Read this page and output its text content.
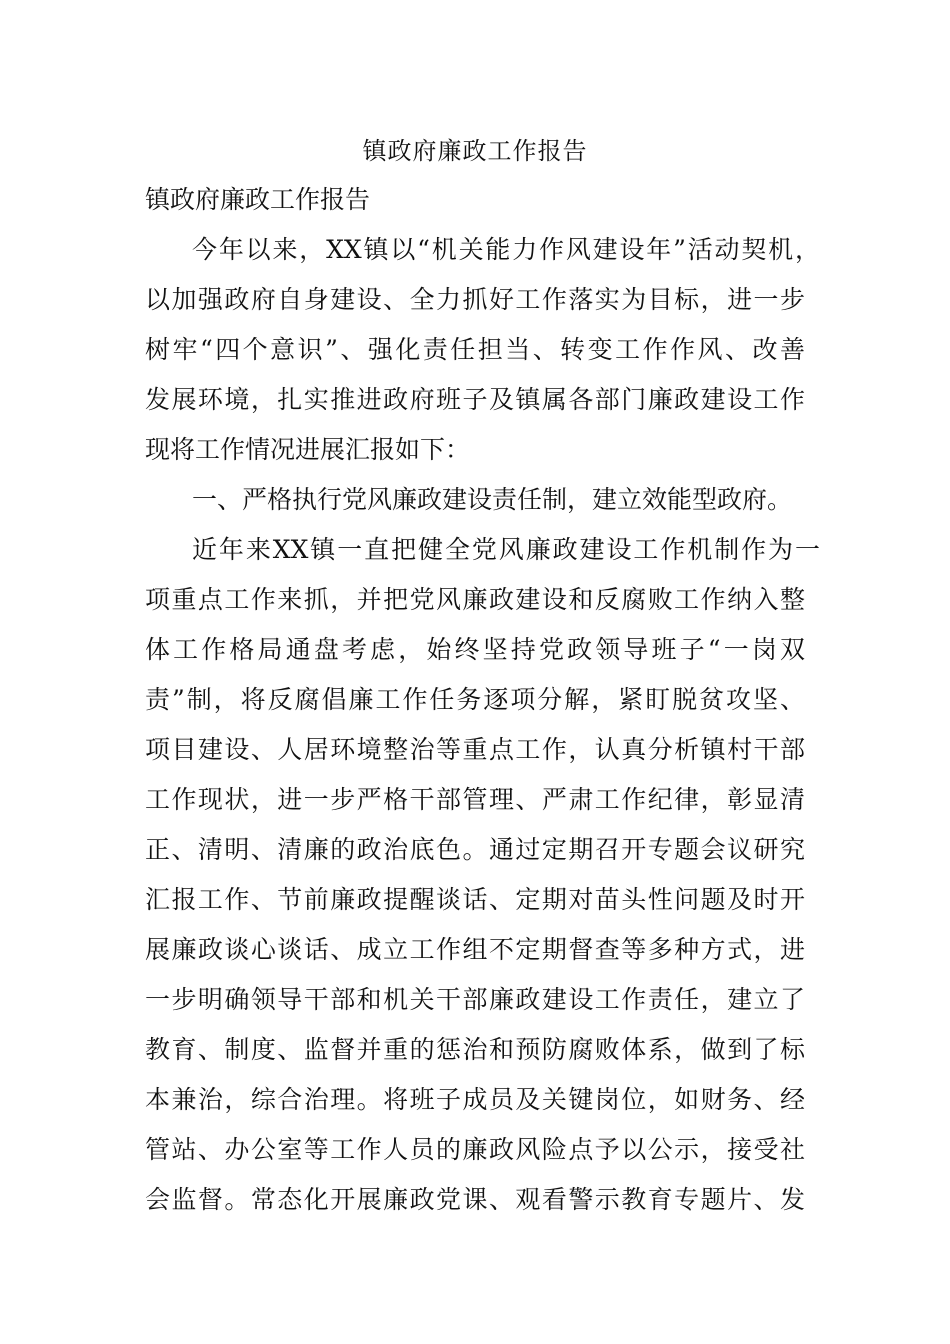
镇政府廉政工作报告
镇政府廉政工作报告
今年以来，XX镇以“机关能力作风建设年”活动契机，
以加强政府自身建设、全力抓好工作落实为目标，进一步
树牢“四个意识”、强化责任担当、转变工作作风、改善
发展环境，扎实推进政府班子及镇属各部门廉政建设工作
现将工作情况进展汇报如下：
一、严格执行党风廉政建设责任制，建立效能型政府。
近年来XX镇一直把健全党风廉政建设工作机制作为一
项重点工作来抓，并把党风廉政建设和反腐败工作纳入整
体工作格局通盘考虑，始终坚持党政领导班子“一岗双
责”制，将反腐倡廉工作任务逐项分解，紧盯脱贫攻坚、
项目建设、人居环境整治等重点工作，认真分析镇村干部
工作现状，进一步严格干部管理、严肃工作纪律，彰显清
正、清明、清廉的政治底色。通过定期召开专题会议研究
汇报工作、节前廉政提醒谈话、定期对苗头性问题及时开
展廉政谈心谈话、成立工作组不定期督查等多种方式，进
一步明确领导干部和机关干部廉政建设工作责任，建立了
教育、制度、监督并重的惩治和预防腐败体系，做到了标
本兼治，综合治理。将班子成员及关键岗位，如财务、经
管站、办公室等工作人员的廉政风险点予以公示，接受社
会监督。常态化开展廉政党课、观看警示教育专题片、发
